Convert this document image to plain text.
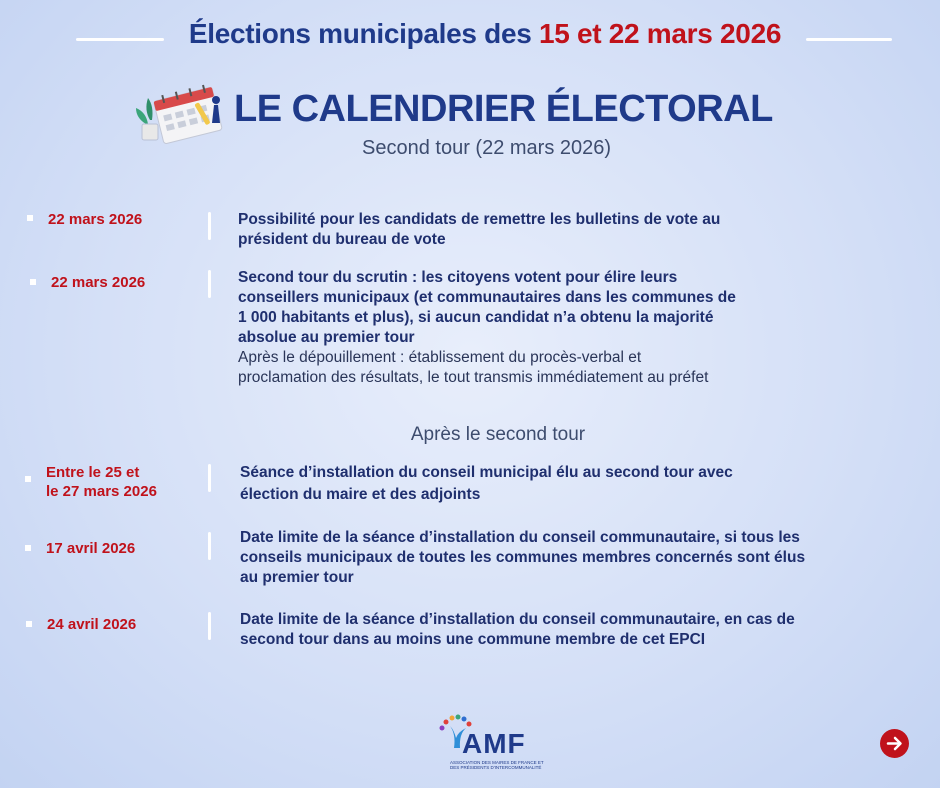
Élections municipales des 15 et 22 mars 2026
LE CALENDRIER ÉLECTORAL
Second tour (22 mars 2026)
22 mars 2026	Possibilité pour les candidats de remettre les bulletins de vote au
président du bureau de vote
22 mars 2026	Second tour du scrutin : les citoyens votent pour élire leurs
conseillers municipaux (et communautaires dans les communes de
1 000 habitants et plus), si aucun candidat n’a obtenu la majorité
absolue au premier tour
Après le dépouillement : établissement du procès-verbal et
proclamation des résultats, le tout transmis immédiatement au préfet
Après le second tour
Entre le 25 et
le 27 mars 2026
Séance d’installation du conseil municipal élu au second tour avec
élection du maire et des adjoints
17 avril 2026
Date limite de la séance d’installation du conseil communautaire, si tous les
conseils municipaux de toutes les communes membres concernés sont élus
au premier tour
24 avril 2026	Date limite de la séance d’installation du conseil communautaire, en cas de
second tour dans au moins une commune membre de cet EPCI
AMF
ASSOCIATION DES MAIRES DE FRANCE ET DES PRÉSIDENTS D'INTERCOMMUNALITÉ
